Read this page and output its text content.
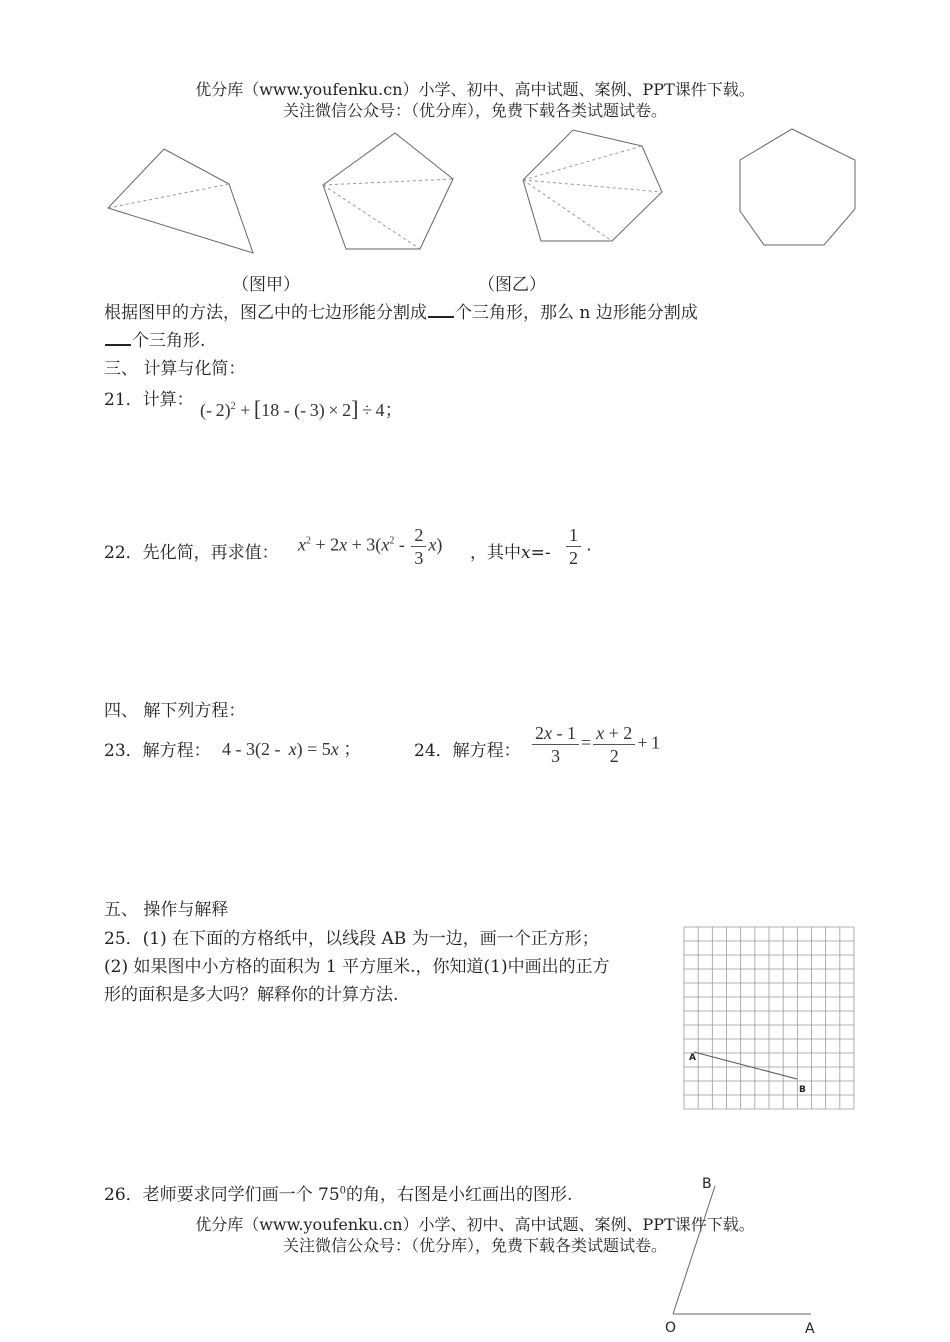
优分库（www.youfenku.cn）小学、初中、高中试题、案例、PPT课件下载。
关注微信公众号：（优分库），免费下载各类试题试卷。
（图甲）	（图乙）
根据图甲的方法，图乙中的七边形能分割成 个三角形，那么 n 边形能分割成
个三角形.
三、 计算与化简：
21．计算： (- 2)$^2$ + [18 - (- 3) × 2] ÷ 4；
22．先化简，再求值： $x^2 + 2x + 3(x^2 - \frac{2}{3} x)$ ，其中$x=- \frac{1}{2}$
  .
四、 解下列方程：
23．解方程： 4 - 3(2 -  x) = 5x ；	24．解方程： $\frac{2x - 1}{3} = \frac{x + 2}{2} + 1$
五、 操作与解释
25．(1) 在下面的方格纸中，以线段 AB 为一边，画一个正方形；
(2) 如果图中小方格的面积为 1 平方厘米.，你知道(1)中画出的正方
形的面积是多大吗？解释你的计算方法.
A
B
26．老师要求同学们画一个 $75^0$的角，右图是小红画出的图形.
优分库（www.youfenku.cn）小学、初中、高中试题、案例、PPT课件下载。
关注微信公众号：（优分库），免费下载各类试题试卷。
B
O	A
